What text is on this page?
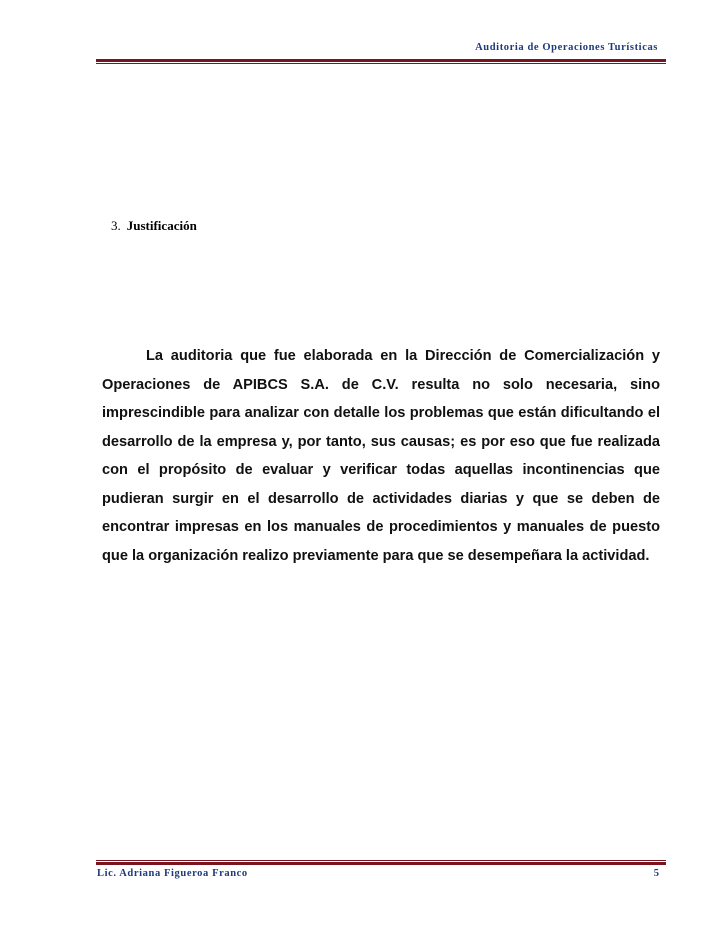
Auditoria de Operaciones Turísticas
3. Justificación

La auditoria que fue elaborada en la Dirección de Comercialización y Operaciones de APIBCS S.A. de C.V. resulta no solo necesaria, sino imprescindible para analizar con detalle los problemas que están dificultando el desarrollo de la empresa y, por tanto, sus causas; es por eso que fue realizada con el propósito de evaluar y verificar todas aquellas incontinencias que pudieran surgir en el desarrollo de actividades diarias y que se deben de encontrar impresas en los manuales de procedimientos y manuales de puesto que la organización realizo previamente para que se desempeñara la actividad.

Lic. Adriana Figueroa Franco	5
